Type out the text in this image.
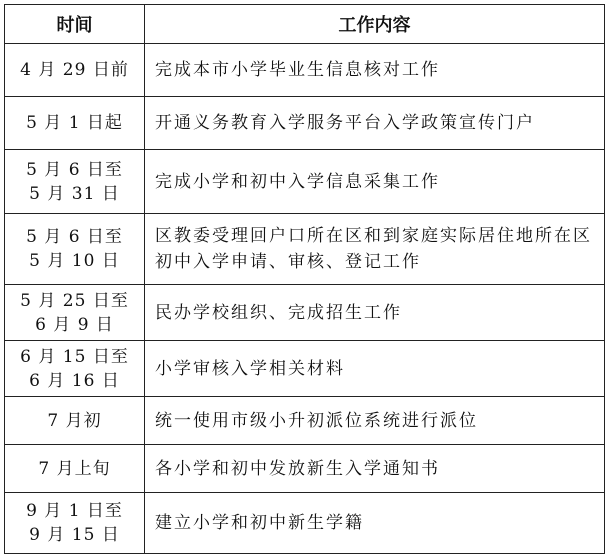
时间	工作内容

4 月 29 日前	完成本市小学毕业生信息核对工作

5 月 1 日起	开通义务教育入学服务平台入学政策宣传门户

5 月 6 日至
5 月 31 日	完成小学和初中入学信息采集工作

5 月 6 日至
5 月 10 日	区教委受理回户口所在区和到家庭实际居住地所在区初中入学申请、审核、登记工作

5 月 25 日至
6 月 9 日	民办学校组织、完成招生工作

6 月 15 日至
6 月 16 日	小学审核入学相关材料

7 月初	统一使用市级小升初派位系统进行派位

7 月上旬	各小学和初中发放新生入学通知书

9 月 1 日至
9 月 15 日	建立小学和初中新生学籍
